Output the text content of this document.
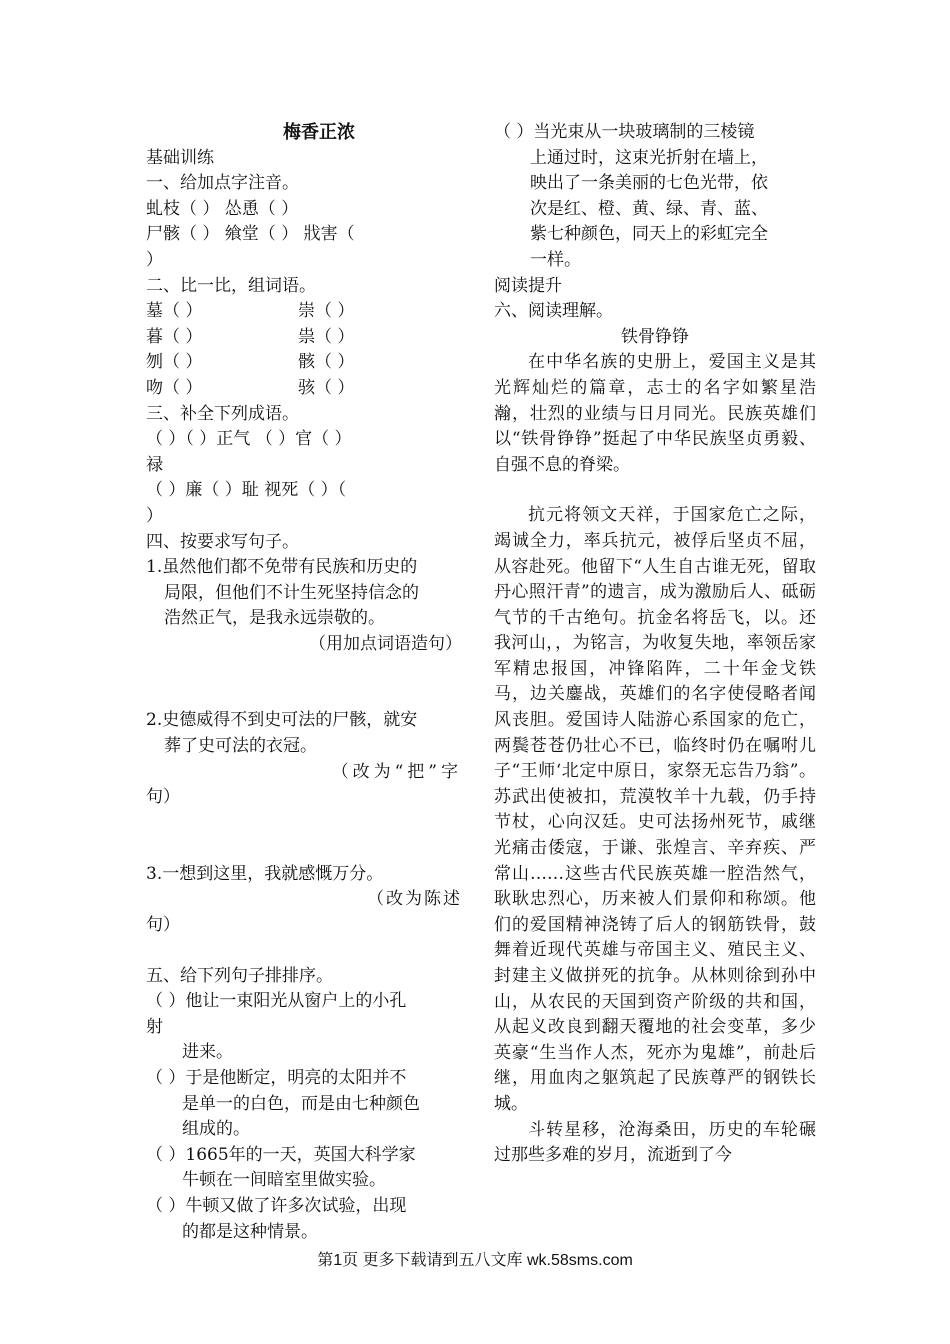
梅香正浓
基础训练
一、给加点字注音。
虬枝（ ） 怂恿（ ）
尸骸（ ） 飨堂（ ） 戕害（
）
二、比一比，组词语。
墓（ ）	崇（ ）
暮（ ）	祟（ ）
刎（ ）	骸（ ）
吻（ ）	骇（ ）
三、补全下列成语。
（ ）（ ）正气 （ ）官（ ）
禄
（ ）廉（ ）耻 视死（ ）（
）
四、按要求写句子。
1.虽然他们都不免带有民族和历史的
局限，但他们不计生死坚持信念的
浩然正气，是我永远崇敬的。
（用加点词语造句）
2.史德威得不到史可法的尸骸，就安
葬了史可法的衣冠。
（改为“把”字
句）
3.一想到这里，我就感慨万分。
（改为陈述
句）
五、给下列句子排排序。
（ ）他让一束阳光从窗户上的小孔
射
进来。
（ ）于是他断定，明亮的太阳并不
是单一的白色，而是由七种颜色
组成的。
（ ）1665年的一天，英国大科学家
牛顿在一间暗室里做实验。
（ ）牛顿又做了许多次试验，出现
的都是这种情景。
（ ）当光束从一块玻璃制的三棱镜
上通过时，这束光折射在墙上，
映出了一条美丽的七色光带，依
次是红、橙、黄、绿、青、蓝、
紫七种颜色，同天上的彩虹完全
一样。
阅读提升
六、阅读理解。
铁骨铮铮
在中华名族的史册上，爱国主义是其光辉灿烂的篇章，志士的名字如繁星浩瀚，壮烈的业绩与日月同光。民族英雄们以“铁骨铮铮”挺起了中华民族坚贞勇毅、自强不息的脊梁。
抗元将领文天祥，于国家危亡之际，竭诚全力，率兵抗元，被俘后坚贞不屈，从容赴死。他留下“人生自古谁无死，留取丹心照汗青”的遗言，成为激励后人、砥砺气节的千古绝句。抗金名将岳飞，以。还我河山，，为铭言，为收复失地，率领岳家军精忠报国，冲锋陷阵，二十年金戈铁马，边关鏖战，英雄们的名字使侵略者闻风丧胆。爱国诗人陆游心系国家的危亡，两鬓苍苍仍壮心不已，临终时仍在嘱咐儿子“王师‘北定中原日，家祭无忘告乃翁”。苏武出使被扣，荒漠牧羊十九载，仍手持节杖，心向汉廷。史可法扬州死节，戚继光痛击倭寇，于谦、张煌言、辛弃疾、严常山……这些古代民族英雄一腔浩然气，耿耿忠烈心，历来被人们景仰和称颂。他们的爱国精神浇铸了后人的钢筋铁骨，鼓舞着近现代英雄与帝国主义、殖民主义、封建主义做拼死的抗争。从林则徐到孙中山，从农民的天国到资产阶级的共和国，从起义改良到翻天覆地的社会变革，多少英豪“生当作人杰，死亦为鬼雄”，前赴后继，用血肉之躯筑起了民族尊严的钢铁长城。
斗转星移，沧海桑田，历史的车轮碾过那些多难的岁月，流逝到了今
第1页 更多下载请到五八文库 wk.58sms.com
